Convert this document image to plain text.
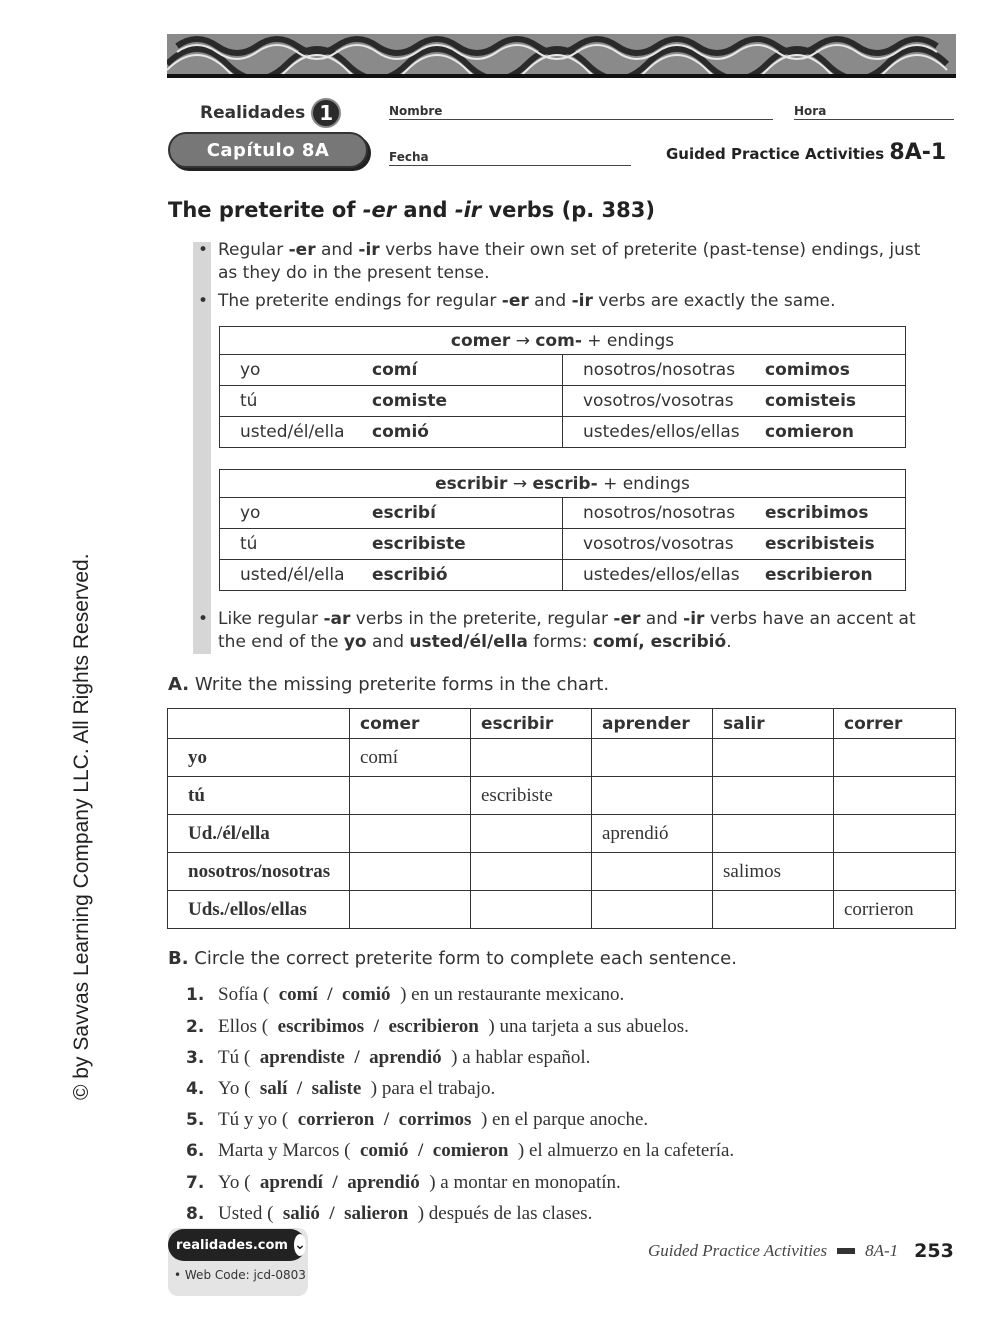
© by Savvas Learning Company LLC. All Rights Reserved.
Realidades 1
Capítulo 8A
Nombre	Hora
Fecha	Guided Practice Activities 8A-1
The preterite of -er and -ir verbs (p. 383)
• Regular -er and -ir verbs have their own set of preterite (past-tense) endings, just as they do in the present tense.
• The preterite endings for regular -er and -ir verbs are exactly the same.
comer → com- + endings	

yo comí	nosotros/nosotras comimos

tú comiste	vosotros/vosotras comisteis

usted/él/ella comió	ustedes/ellos/ellas comieron
escribir → escrib- + endings	

yo escribí	nosotros/nosotras escribimos

tú escribiste	vosotros/vosotras escribisteis

usted/él/ella escribió	ustedes/ellos/ellas escribieron
• Like regular -ar verbs in the preterite, regular -er and -ir verbs have an accent at the end of the yo and usted/él/ella forms: comí, escribió.
A. Write the missing preterite forms in the chart.
	comer	escribir	aprender	salir	correr
yo	comí				
tú		escribiste			
Ud./él/ella			aprendió		
nosotros/nosotras				salimos	
Uds./ellos/ellas					corrieron
B. Circle the correct preterite form to complete each sentence.
1. Sofía ( comí / comió ) en un restaurante mexicano.
2. Ellos ( escribimos / escribieron ) una tarjeta a sus abuelos.
3. Tú ( aprendiste / aprendió ) a hablar español.
4. Yo ( salí / saliste ) para el trabajo.
5. Tú y yo ( corrieron / corrimos ) en el parque anoche.
6. Marta y Marcos ( comió / comieron ) el almuerzo en la cafetería.
7. Yo ( aprendí / aprendió ) a montar en monopatín.
8. Usted ( salió / salieron ) después de las clases.
realidades.com ⌄
• Web Code: jcd-0803
Guided Practice Activities 8A-1 253
